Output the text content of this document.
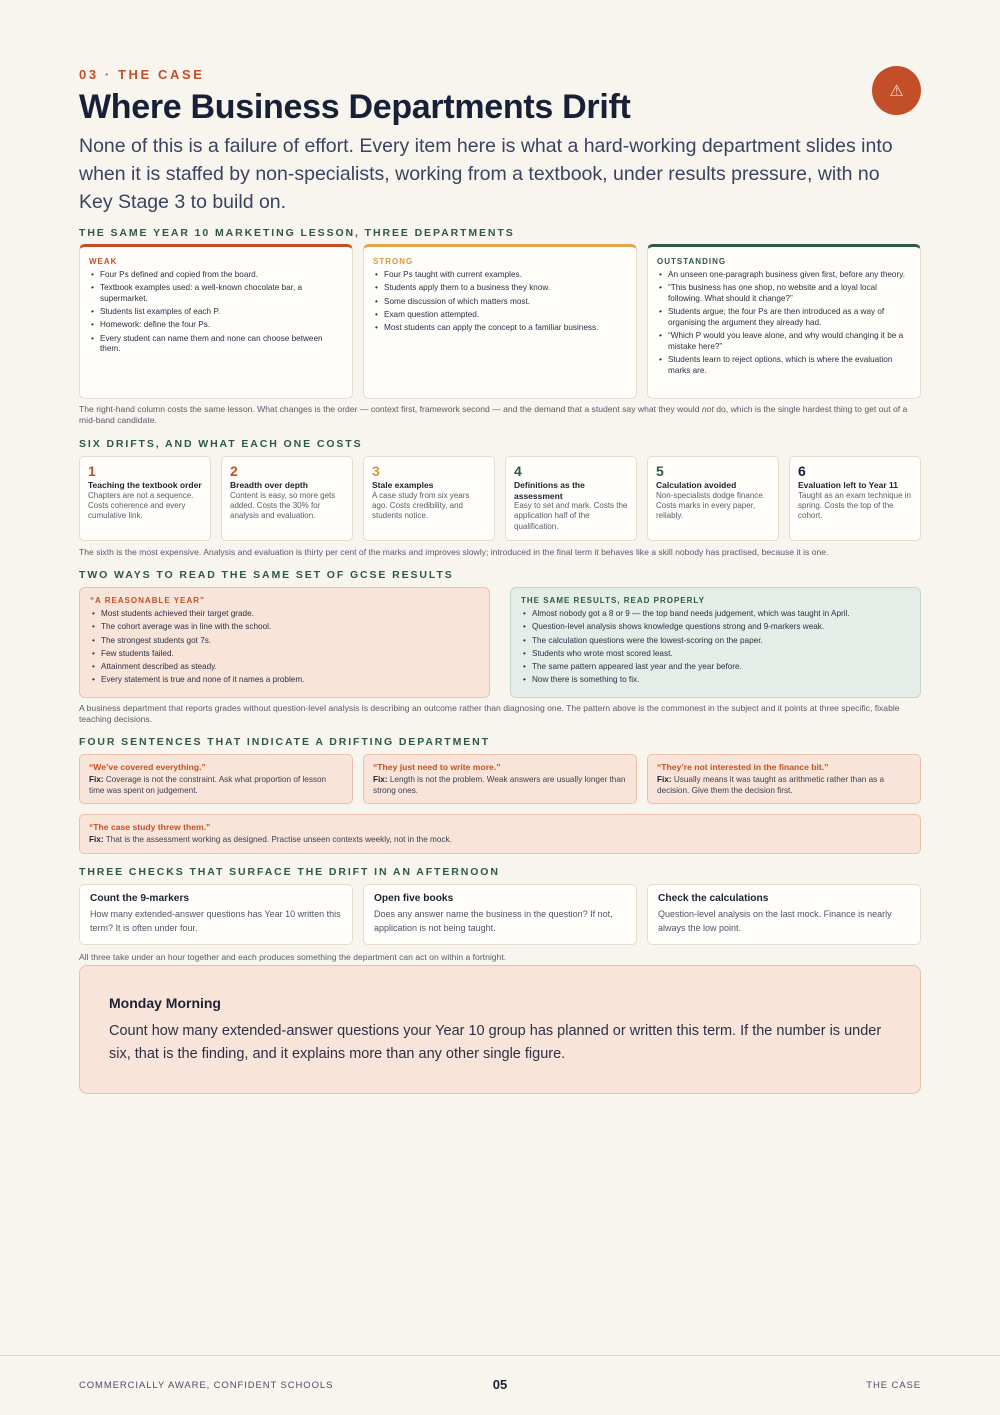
03 · THE CASE
Where Business Departments Drift	⚠

None of this is a failure of effort. Every item here is what a hard-working department slides into when it is staffed by non-specialists, working from a textbook, under results pressure, with no Key Stage 3 to build on.

THE SAME YEAR 10 MARKETING LESSON, THREE DEPARTMENTS
WEAK
• Four Ps defined and copied from the board.
• Textbook examples used: a well-known chocolate bar, a supermarket.
• Students list examples of each P.
• Homework: define the four Ps.
• Every student can name them and none can choose between them.
STRONG
• Four Ps taught with current examples.
• Students apply them to a business they know.
• Some discussion of which matters most.
• Exam question attempted.
• Most students can apply the concept to a familiar business.
OUTSTANDING
• An unseen one-paragraph business given first, before any theory.
• “This business has one shop, no website and a loyal local following. What should it change?”
• Students argue; the four Ps are then introduced as a way of organising the argument they already had.
• “Which P would you leave alone, and why would changing it be a mistake here?”
• Students learn to reject options, which is where the evaluation marks are.

The right-hand column costs the same lesson. What changes is the order — context first, framework second — and the demand that a student say what they would not do, which is the single hardest thing to get out of a mid-band candidate.

SIX DRIFTS, AND WHAT EACH ONE COSTS
1
Teaching the textbook order
Chapters are not a sequence. Costs coherence and every cumulative link.
2
Breadth over depth
Content is easy, so more gets added. Costs the 30% for analysis and evaluation.
3
Stale examples
A case study from six years ago. Costs credibility, and students notice.
4
Definitions as the assessment
Easy to set and mark. Costs the application half of the qualification.
5
Calculation avoided
Non-specialists dodge finance. Costs marks in every paper, reliably.
6
Evaluation left to Year 11
Taught as an exam technique in spring. Costs the top of the cohort.

The sixth is the most expensive. Analysis and evaluation is thirty per cent of the marks and improves slowly; introduced in the final term it behaves like a skill nobody has practised, because it is one.

TWO WAYS TO READ THE SAME SET OF GCSE RESULTS
“A REASONABLE YEAR”
• Most students achieved their target grade.
• The cohort average was in line with the school.
• The strongest students got 7s.
• Few students failed.
• Attainment described as steady.
• Every statement is true and none of it names a problem.
THE SAME RESULTS, READ PROPERLY
• Almost nobody got a 8 or 9 — the top band needs judgement, which was taught in April.
• Question-level analysis shows knowledge questions strong and 9-markers weak.
• The calculation questions were the lowest-scoring on the paper.
• Students who wrote most scored least.
• The same pattern appeared last year and the year before.
• Now there is something to fix.

A business department that reports grades without question-level analysis is describing an outcome rather than diagnosing one. The pattern above is the commonest in the subject and it points at three specific, fixable teaching decisions.

FOUR SENTENCES THAT INDICATE A DRIFTING DEPARTMENT
“We’ve covered everything.”
Fix: Coverage is not the constraint. Ask what proportion of lesson time was spent on judgement.
“They just need to write more.”
Fix: Length is not the problem. Weak answers are usually longer than strong ones.
“They’re not interested in the finance bit.”
Fix: Usually means it was taught as arithmetic rather than as a decision. Give them the decision first.
“The case study threw them.”
Fix: That is the assessment working as designed. Practise unseen contexts weekly, not in the mock.
THREE CHECKS THAT SURFACE THE DRIFT IN AN AFTERNOON
Count the 9-markers
How many extended-answer questions has Year 10 written this term? It is often under four.
Open five books
Does any answer name the business in the question? If not, application is not being taught.
Check the calculations
Question-level analysis on the last mock. Finance is nearly always the low point.

All three take under an hour together and each produces something the department can act on within a fortnight.

Monday Morning

Count how many extended-answer questions your Year 10 group has planned or written this term. If the number is under six, that is the finding, and it explains more than any other single figure.

COMMERCIALLY AWARE, CONFIDENT SCHOOLS	05	THE CASE
